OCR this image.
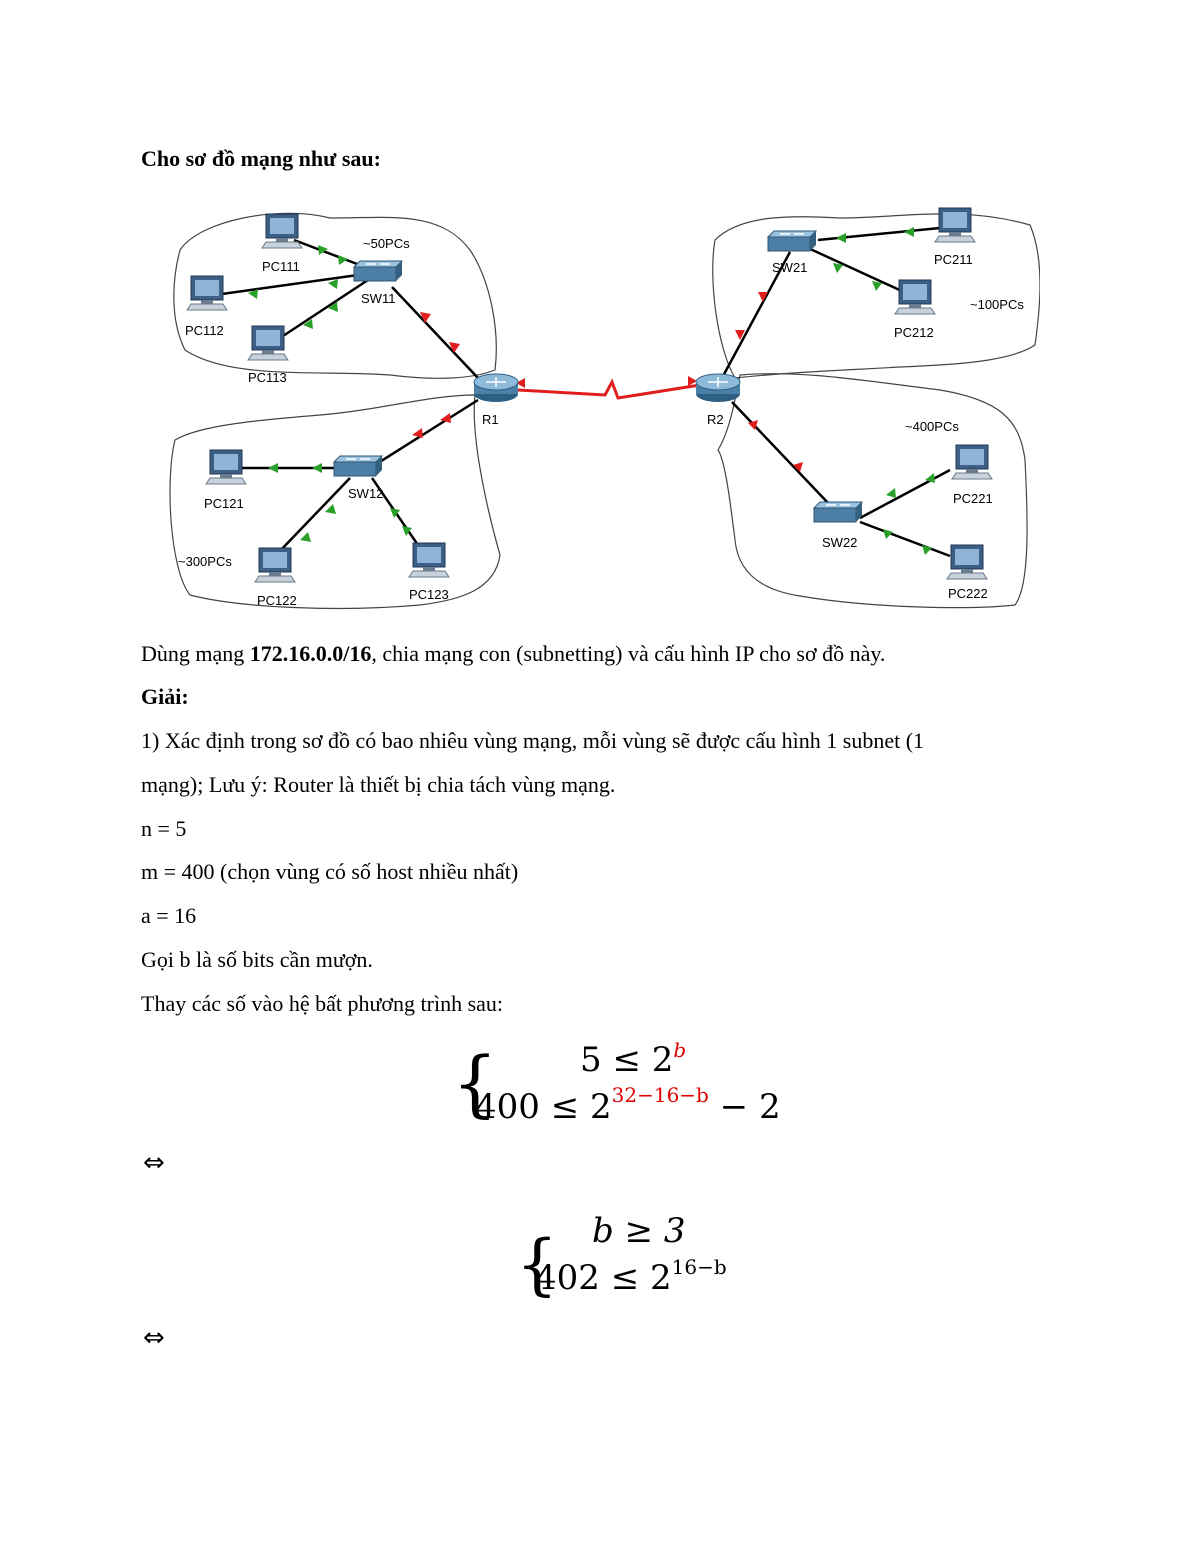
Cho sơ đồ mạng như sau:
PC111
PC112
PC113
PC121
PC122	PC123
PC211
PC212
PC221
PC222
SW11
SW12
SW21
SW22
R1	R2
~50PCs
~300PCs
~100PCs
~400PCs
Dùng mạng 172.16.0.0/16, chia mạng con (subnetting) và cấu hình IP cho sơ đồ này.
Giải:
1) Xác định trong sơ đồ có bao nhiêu vùng mạng, mỗi vùng sẽ được cấu hình 1 subnet (1
mạng); Lưu ý: Router là thiết bị chia tách vùng mạng.
n = 5
m = 400 (chọn vùng có số host nhiều nhất)
a = 16
Gọi b là số bits cần mượn.
Thay các số vào hệ bất phương trình sau:
{ $5 \le 2^b$
$400 \le 2^{32-16-b} - 2$
⇔
{ b ≥ 3
$402 \le 2^{16-b}$
⇔
